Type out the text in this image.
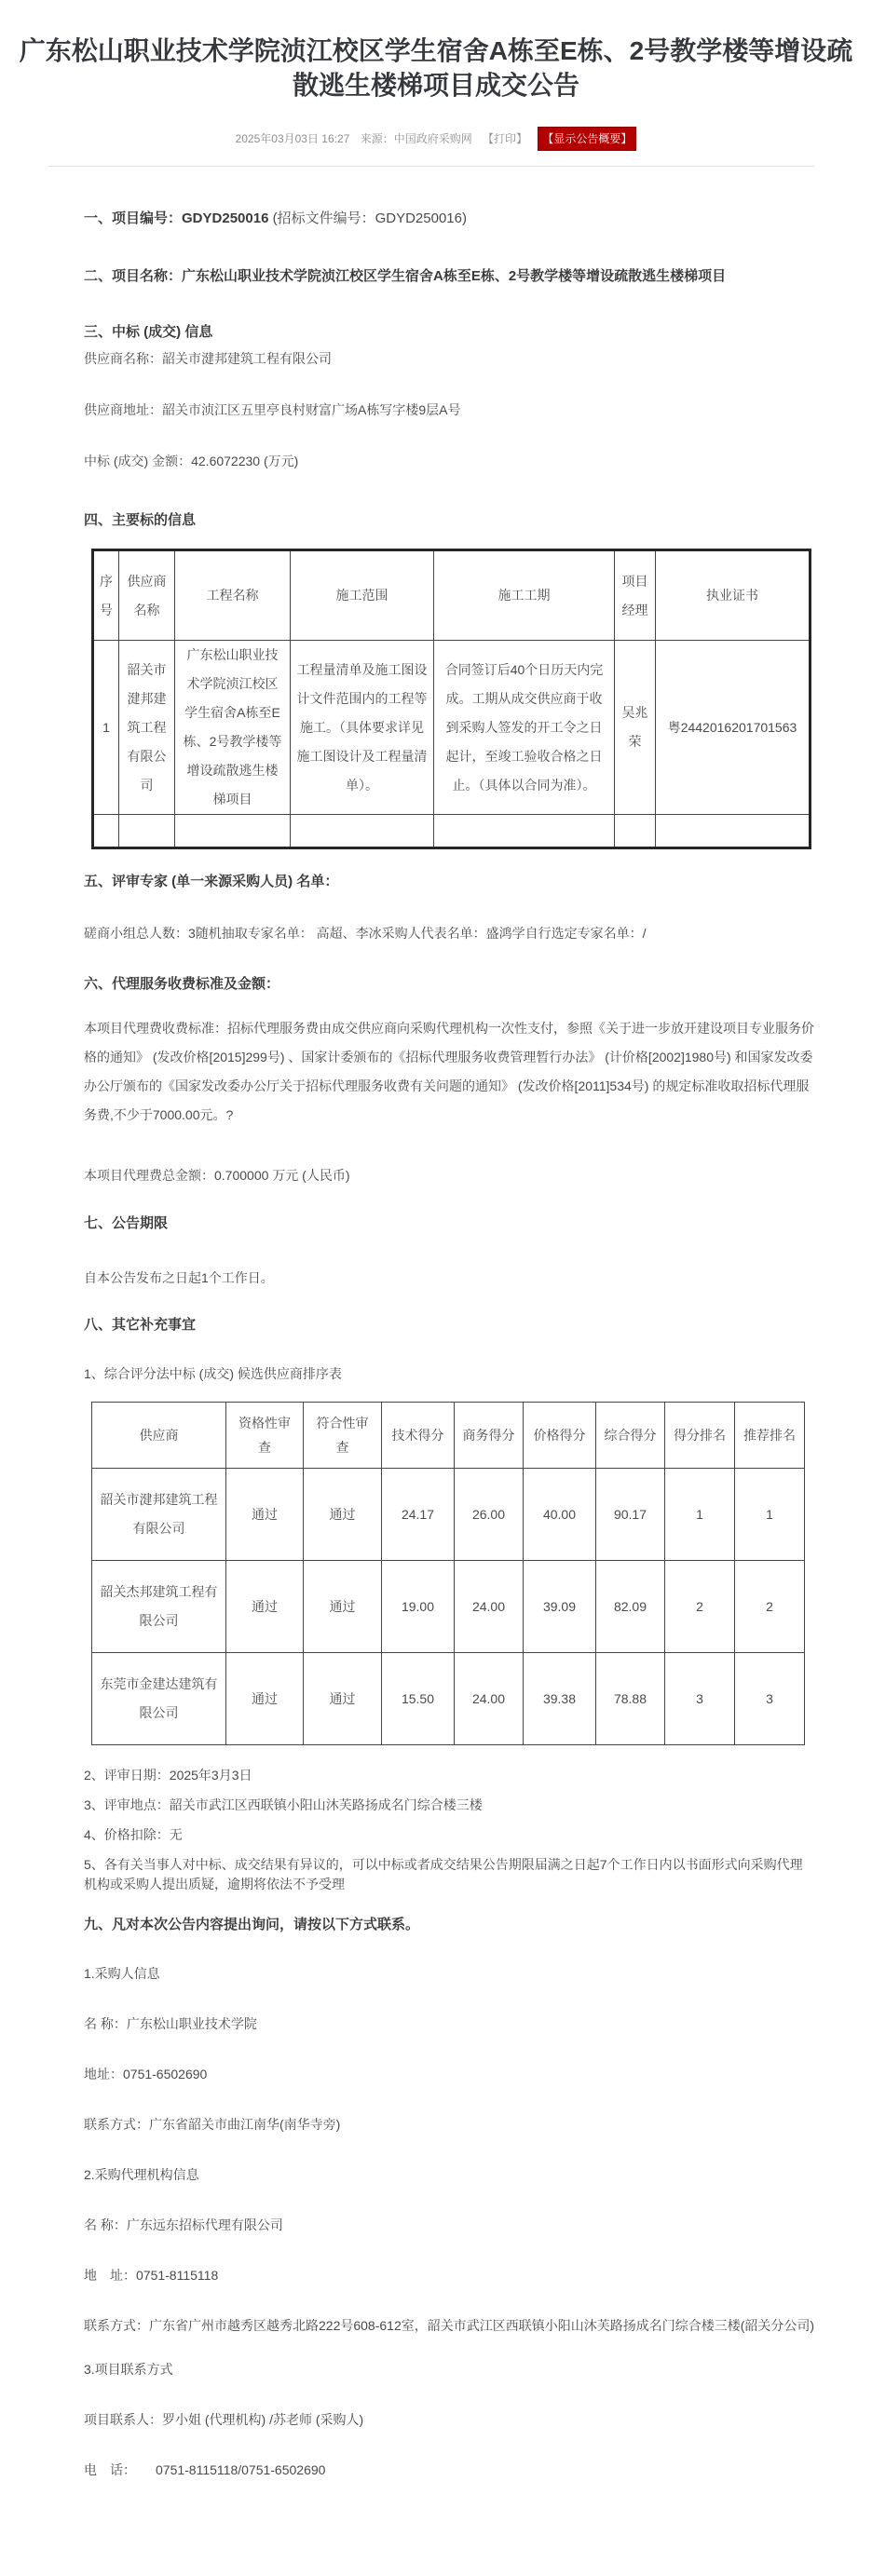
广东松山职业技术学院浈江校区学生宿舍A栋至E栋、2号教学楼等增设疏散逃生楼梯项目成交公告
2025年03月03日 16:27 来源：中国政府采购网 【打印】 【显示公告概要】
一、项目编号：GDYD250016 (招标文件编号：GDYD250016)
二、项目名称：广东松山职业技术学院浈江校区学生宿舍A栋至E栋、2号教学楼等增设疏散逃生楼梯项目
三、中标 (成交) 信息

供应商名称：韶关市湕邦建筑工程有限公司

供应商地址：韶关市浈江区五里亭良村财富广场A栋写字楼9层A号

中标 (成交) 金额：42.6072230 (万元)

四、主要标的信息
序号	供应商名称	工程名称	施工范围	施工工期	项目经理	执业证书
1	韶关市湕邦建筑工程有限公司	广东松山职业技术学院浈江校区学生宿舍A栋至E栋、2号教学楼等增设疏散逃生楼梯项目	工程量清单及施工图设计文件范围内的工程等施工。（具体要求详见施工图设计及工程量清单）。	合同签订后40个日历天内完成。工期从成交供应商于收到采购人签发的开工令之日起计，至竣工验收合格之日止。（具体以合同为准）。	吴兆荣	粤2442016201701563

五、评审专家 (单一来源采购人员) 名单：

磋商小组总人数：3随机抽取专家名单： 高超、李冰采购人代表名单：盛鸿学自行选定专家名单：/

六、代理服务收费标准及金额：

本项目代理费收费标准：招标代理服务费由成交供应商向采购代理机构一次性支付，参照《关于进一步放开建设项目专业服务价格的通知》 (发改价格[2015]299号) 、国家计委颁布的《招标代理服务收费管理暂行办法》 (计价格[2002]1980号) 和国家发改委办公厅颁布的《国家发改委办公厅关于招标代理服务收费有关问题的通知》 (发改价格[2011]534号) 的规定标准收取招标代理服务费,不少于7000.00元。?

本项目代理费总金额：0.700000 万元 (人民币)

七、公告期限

自本公告发布之日起1个工作日。

八、其它补充事宜

1、综合评分法中标 (成交) 候选供应商排序表

供应商	资格性审查	符合性审查	技术得分	商务得分	价格得分	综合得分	得分排名	推荐排名
韶关市湕邦建筑工程有限公司	通过	通过	24.17	26.00	40.00	90.17	1	1
韶关杰邦建筑工程有限公司	通过	通过	19.00	24.00	39.09	82.09	2	2
东莞市金建达建筑有限公司	通过	通过	15.50	24.00	39.38	78.88	3	3

2、评审日期：2025年3月3日

3、评审地点：韶关市武江区西联镇小阳山沐芙路扬成名门综合楼三楼

4、价格扣除：无

5、各有关当事人对中标、成交结果有异议的，可以中标或者成交结果公告期限届满之日起7个工作日内以书面形式向采购代理机构或采购人提出质疑，逾期将依法不予受理

九、凡对本次公告内容提出询问，请按以下方式联系。

1.采购人信息

名 称：广东松山职业技术学院

地址：0751-6502690

联系方式：广东省韶关市曲江南华(南华寺旁)

2.采购代理机构信息

名 称：广东远东招标代理有限公司

地　址：0751-8115118

联系方式：广东省广州市越秀区越秀北路222号608-612室，韶关市武江区西联镇小阳山沐芙路扬成名门综合楼三楼(韶关分公司)

3.项目联系方式

项目联系人：罗小姐 (代理机构) /苏老师 (采购人)

电　话：　　0751-8115118/0751-6502690
